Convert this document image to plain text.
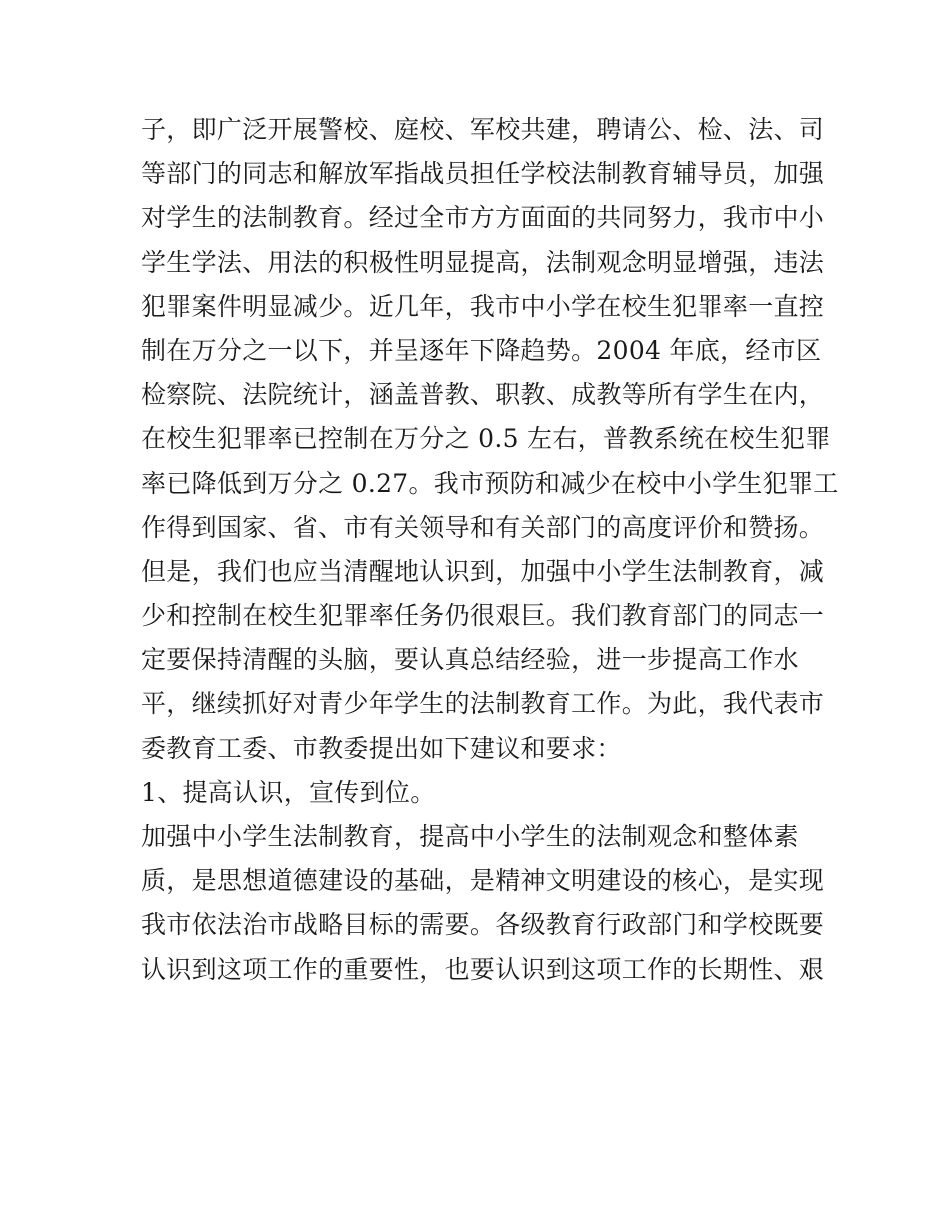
子，即广泛开展警校、庭校、军校共建，聘请公、检、法、司
等部门的同志和解放军指战员担任学校法制教育辅导员，加强
对学生的法制教育。经过全市方方面面的共同努力，我市中小
学生学法、用法的积极性明显提高，法制观念明显增强，违法
犯罪案件明显减少。近几年，我市中小学在校生犯罪率一直控
制在万分之一以下，并呈逐年下降趋势。2004 年底，经市区
检察院、法院统计，涵盖普教、职教、成教等所有学生在内，
在校生犯罪率已控制在万分之 0.5 左右，普教系统在校生犯罪
率已降低到万分之 0.27。我市预防和减少在校中小学生犯罪工
作得到国家、省、市有关领导和有关部门的高度评价和赞扬。
但是，我们也应当清醒地认识到，加强中小学生法制教育，减
少和控制在校生犯罪率任务仍很艰巨。我们教育部门的同志一
定要保持清醒的头脑，要认真总结经验，进一步提高工作水
平，继续抓好对青少年学生的法制教育工作。为此，我代表市
委教育工委、市教委提出如下建议和要求：
1、提高认识，宣传到位。
加强中小学生法制教育，提高中小学生的法制观念和整体素
质，是思想道德建设的基础，是精神文明建设的核心，是实现
我市依法治市战略目标的需要。各级教育行政部门和学校既要
认识到这项工作的重要性，也要认识到这项工作的长期性、艰
